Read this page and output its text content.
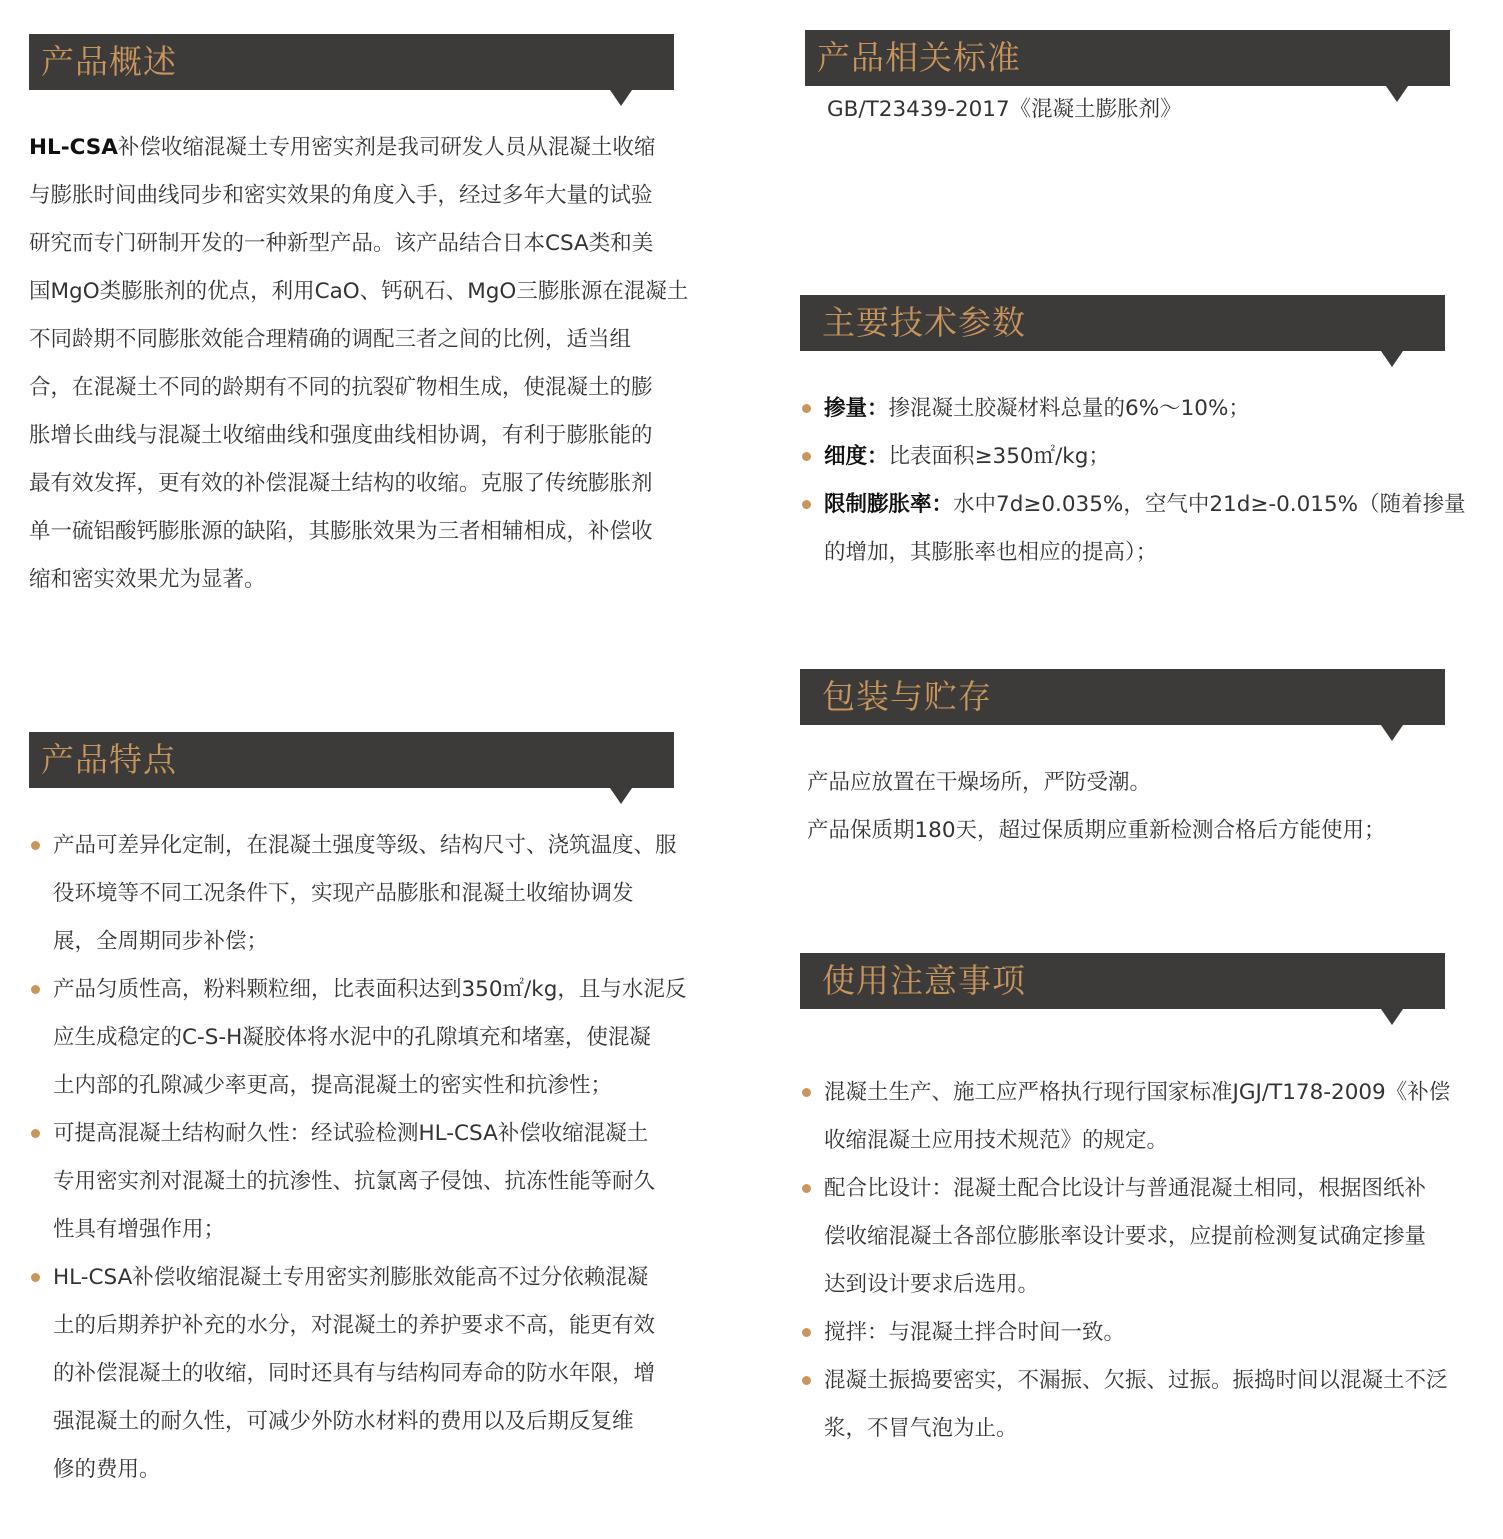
产品概述

HL-CSA补偿收缩混凝土专用密实剂是我司研发人员从混凝土收缩
与膨胀时间曲线同步和密实效果的角度入手，经过多年大量的试验
研究而专门研制开发的一种新型产品。该产品结合日本CSA类和美
国MgO类膨胀剂的优点，利用CaO、钙矾石、MgO三膨胀源在混凝土
不同龄期不同膨胀效能合理精确的调配三者之间的比例，适当组
合，在混凝土不同的龄期有不同的抗裂矿物相生成，使混凝土的膨
胀增长曲线与混凝土收缩曲线和强度曲线相协调，有利于膨胀能的
最有效发挥，更有效的补偿混凝土结构的收缩。克服了传统膨胀剂
单一硫铝酸钙膨胀源的缺陷，其膨胀效果为三者相辅相成，补偿收
缩和密实效果尤为显著。

产品特点
产品可差异化定制，在混凝土强度等级、结构尺寸、浇筑温度、服
役环境等不同工况条件下，实现产品膨胀和混凝土收缩协调发
展，全周期同步补偿；
产品匀质性高，粉料颗粒细，比表面积达到350㎡/kg，且与水泥反
应生成稳定的C-S-H凝胶体将水泥中的孔隙填充和堵塞，使混凝
土内部的孔隙减少率更高，提高混凝土的密实性和抗渗性；
可提高混凝土结构耐久性：经试验检测HL-CSA补偿收缩混凝土
专用密实剂对混凝土的抗渗性、抗氯离子侵蚀、抗冻性能等耐久
性具有增强作用；
HL-CSA补偿收缩混凝土专用密实剂膨胀效能高不过分依赖混凝
土的后期养护补充的水分，对混凝土的养护要求不高，能更有效
的补偿混凝土的收缩，同时还具有与结构同寿命的防水年限，增
强混凝土的耐久性，可减少外防水材料的费用以及后期反复维
修的费用。
产品相关标准

GB/T23439-2017《混凝土膨胀剂》

主要技术参数
掺量：掺混凝土胶凝材料总量的6%～10%；
细度：比表面积≥350㎡/kg；
限制膨胀率：水中7d≥0.035%，空气中21d≥-0.015%（随着掺量
的增加，其膨胀率也相应的提高）；
包装与贮存

产品应放置在干燥场所，严防受潮。
产品保质期180天，超过保质期应重新检测合格后方能使用；

使用注意事项
混凝土生产、施工应严格执行现行国家标准JGJ/T178-2009《补偿
收缩混凝土应用技术规范》的规定。
配合比设计：混凝土配合比设计与普通混凝土相同，根据图纸补
偿收缩混凝土各部位膨胀率设计要求，应提前检测复试确定掺量
达到设计要求后选用。
搅拌：与混凝土拌合时间一致。
混凝土振捣要密实，不漏振、欠振、过振。振捣时间以混凝土不泛
浆，不冒气泡为止。
